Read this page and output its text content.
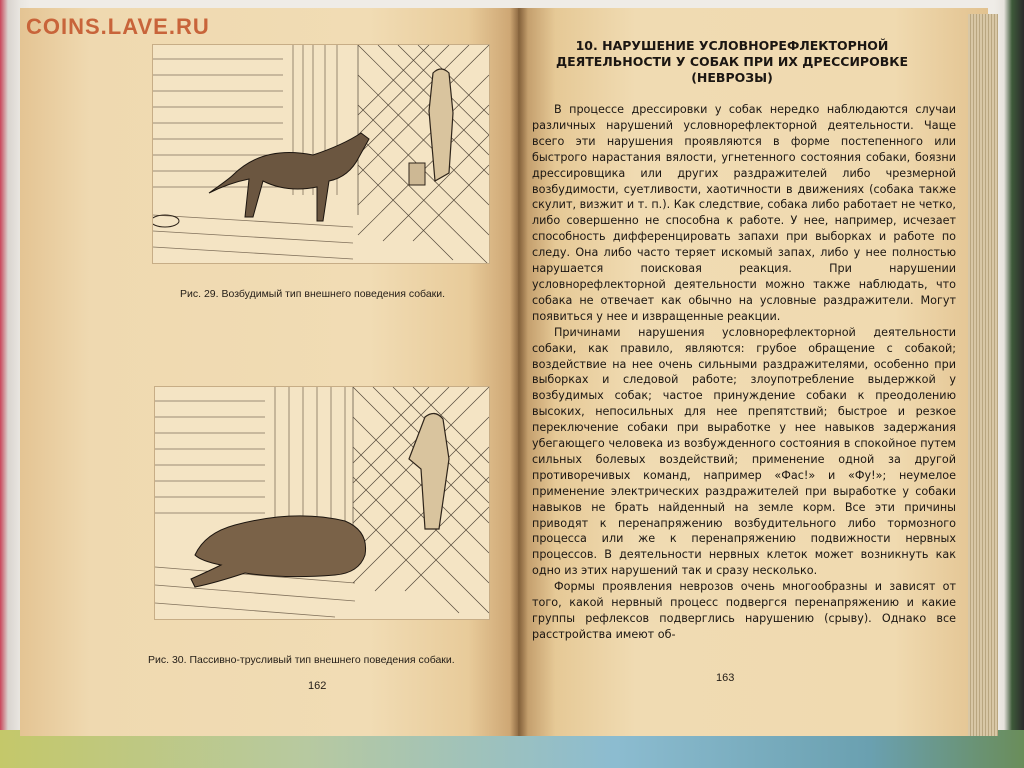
Рис. 29. Возбудимый тип внешнего поведения собаки.
Рис. 30. Пассивно-трусливый тип внешнего поведения собаки.
162
10. НАРУШЕНИЕ УСЛОВНОРЕФЛЕКТОРНОЙ ДЕЯТЕЛЬНОСТИ У СОБАК ПРИ ИХ ДРЕССИРОВКЕ (НЕВРОЗЫ)

В процессе дрессировки у собак нередко наблюдаются случаи различных нарушений условнорефлекторной деятельности. Чаще всего эти нарушения проявляются в форме постепенного или быстрого нарастания вялости, угнетенного состояния собаки, боязни дрессировщика или других раздражителей либо чрезмерной возбудимости, суетливости, хаотичности в движениях (собака также скулит, визжит и т. п.). Как следствие, собака либо работает не четко, либо совершенно не способна к работе. У нее, например, исчезает способность дифференцировать запахи при выборках и работе по следу. Она либо часто теряет искомый запах, либо у нее полностью нарушается поисковая реакция. При нарушении условнорефлекторной деятельности можно также наблюдать, что собака не отвечает как обычно на условные раздражители. Могут появиться у нее и извращенные реакции.

Причинами нарушения условнорефлекторной деятельности собаки, как правило, являются: грубое обращение с собакой; воздействие на нее очень сильными раздражителями, особенно при выборках и следовой работе; злоупотребление выдержкой у возбудимых собак; частое принуждение собаки к преодолению высоких, непосильных для нее препятствий; быстрое и резкое переключение собаки при выработке у нее навыков задержания убегающего человека из возбужденного состояния в спокойное путем сильных болевых воздействий; применение одной за другой противоречивых команд, например «Фас!» и «Фу!»; неумелое применение электрических раздражителей при выработке у собаки навыков не брать найденный на земле корм. Все эти причины приводят к перенапряжению возбудительного либо тормозного процесса или же к перенапряжению подвижности нервных процессов. В деятельности нервных клеток может возникнуть как одно из этих нарушений так и сразу несколько.

Формы проявления неврозов очень многообразны и зависят от того, какой нервный процесс подвергся перенапряжению и какие группы рефлексов подверглись нарушению (срыву). Однако все расстройства имеют об-

163
COINS.LAVE.RU
